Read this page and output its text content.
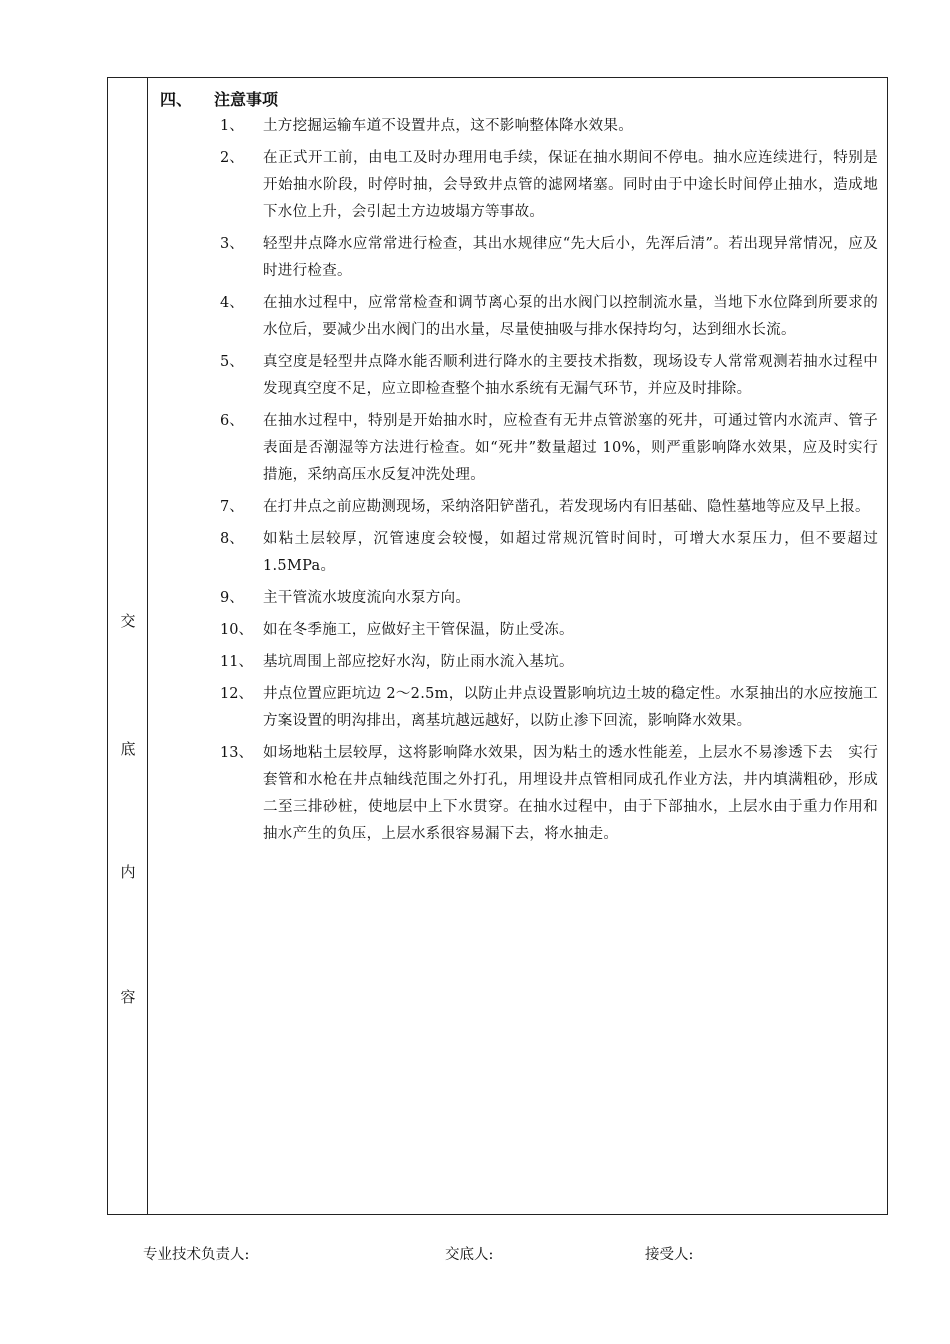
交
底
内
容
四、 注意事项
1、 土方挖掘运输车道不设置井点，这不影响整体降水效果。
2、 在正式开工前，由电工及时办理用电手续，保证在抽水期间不停电。抽水应连续进行，特别是开始抽水阶段，时停时抽，会导致井点管的滤网堵塞。同时由于中途长时间停止抽水，造成地下水位上升，会引起土方边坡塌方等事故。
3、 轻型井点降水应常常进行检查，其出水规律应“先大后小，先浑后清”。若出现异常情况，应及时进行检查。
4、 在抽水过程中，应常常检查和调节离心泵的出水阀门以控制流水量，当地下水位降到所要求的水位后，要减少出水阀门的出水量，尽量使抽吸与排水保持均匀，达到细水长流。
5、 真空度是轻型井点降水能否顺利进行降水的主要技术指数，现场设专人常常观测若抽水过程中发现真空度不足，应立即检查整个抽水系统有无漏气环节，并应及时排除。
6、 在抽水过程中，特别是开始抽水时，应检查有无井点管淤塞的死井，可通过管内水流声、管子表面是否潮湿等方法进行检查。如“死井”数量超过 10%，则严重影响降水效果，应及时实行措施，采纳高压水反复冲洗处理。
7、 在打井点之前应勘测现场，采纳洛阳铲凿孔，若发现场内有旧基础、隐性墓地等应及早上报。
8、 如粘土层较厚，沉管速度会较慢，如超过常规沉管时间时，可增大水泵压力，但不要超过 1.5MPa。
9、 主干管流水坡度流向水泵方向。
10、 如在冬季施工，应做好主干管保温，防止受冻。
11、 基坑周围上部应挖好水沟，防止雨水流入基坑。
12、 井点位置应距坑边 2～2.5m，以防止井点设置影响坑边土坡的稳定性。水泵抽出的水应按施工方案设置的明沟排出，离基坑越远越好，以防止渗下回流，影响降水效果。
13、 如场地粘土层较厚，这将影响降水效果，因为粘土的透水性能差，上层水不易渗透下去　实行套管和水枪在井点轴线范围之外打孔，用埋设井点管相同成孔作业方法，井内填满粗砂，形成二至三排砂桩，使地层中上下水贯穿。在抽水过程中，由于下部抽水，上层水由于重力作用和抽水产生的负压，上层水系很容易漏下去，将水抽走。
专业技术负责人:	交底人:	接受人:
